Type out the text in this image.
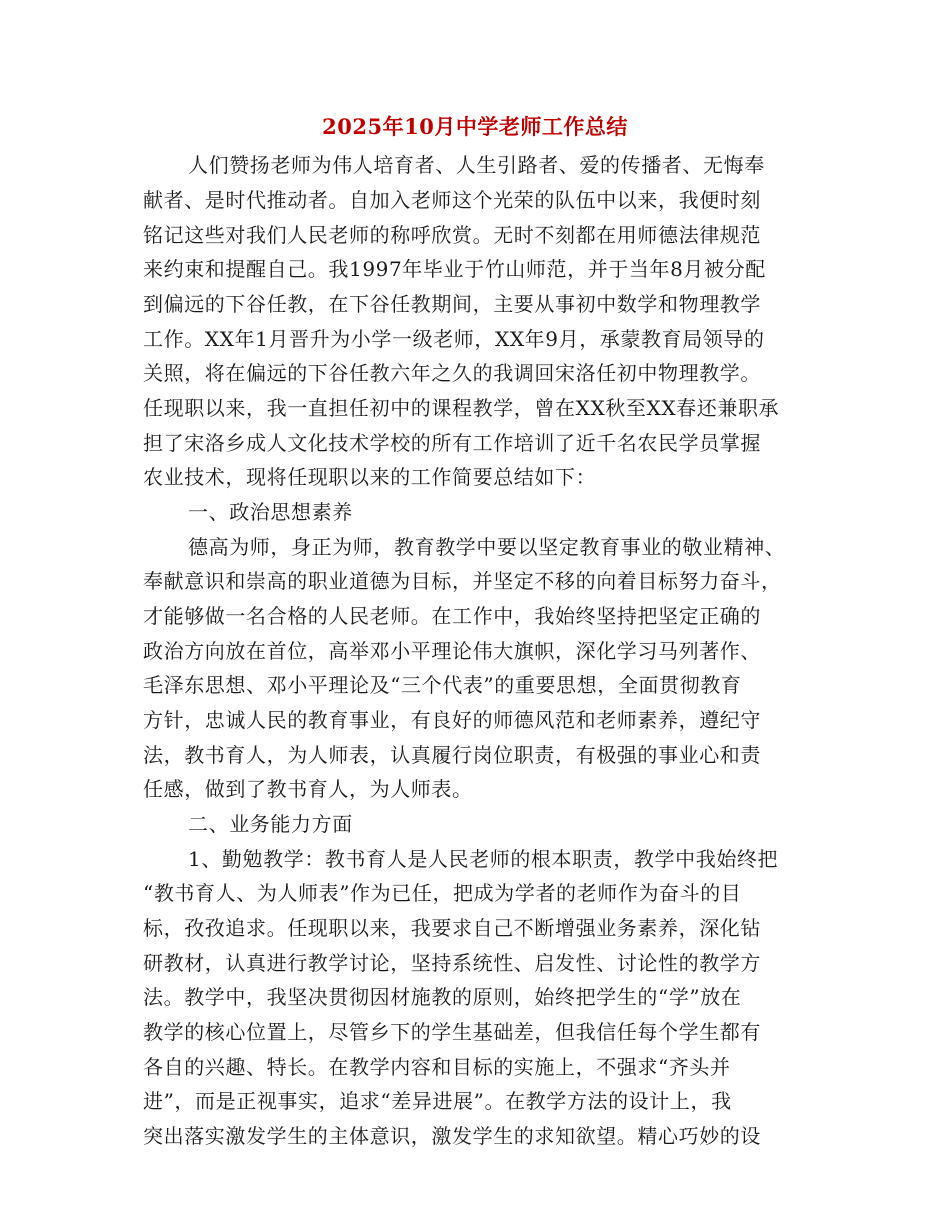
2025年10月中学老师工作总结
人们赞扬老师为伟人培育者、人生引路者、爱的传播者、无悔奉
献者、是时代推动者。自加入老师这个光荣的队伍中以来，我便时刻
铭记这些对我们人民老师的称呼欣赏。无时不刻都在用师德法律规范
来约束和提醒自己。我1997年毕业于竹山师范，并于当年8月被分配
到偏远的下谷任教，在下谷任教期间，主要从事初中数学和物理教学
工作。XX年1月晋升为小学一级老师，XX年9月，承蒙教育局领导的
关照，将在偏远的下谷任教六年之久的我调回宋洛任初中物理教学。
任现职以来，我一直担任初中的课程教学，曾在XX秋至XX春还兼职承
担了宋洛乡成人文化技术学校的所有工作培训了近千名农民学员掌握
农业技术，现将任现职以来的工作简要总结如下：
一、政治思想素养
德高为师，身正为师，教育教学中要以坚定教育事业的敬业精神、
奉献意识和崇高的职业道德为目标，并坚定不移的向着目标努力奋斗，
才能够做一名合格的人民老师。在工作中，我始终坚持把坚定正确的
政治方向放在首位，高举邓小平理论伟大旗帜，深化学习马列著作、
毛泽东思想、邓小平理论及“三个代表”的重要思想，全面贯彻教育
方针，忠诚人民的教育事业，有良好的师德风范和老师素养，遵纪守
法，教书育人，为人师表，认真履行岗位职责，有极强的事业心和责
任感，做到了教书育人，为人师表。
二、业务能力方面
1、勤勉教学：教书育人是人民老师的根本职责，教学中我始终把
“教书育人、为人师表”作为已任，把成为学者的老师作为奋斗的目
标，孜孜追求。任现职以来，我要求自己不断增强业务素养，深化钻
研教材，认真进行教学讨论，坚持系统性、启发性、讨论性的教学方
法。教学中，我坚决贯彻因材施教的原则，始终把学生的“学”放在
教学的核心位置上，尽管乡下的学生基础差，但我信任每个学生都有
各自的兴趣、特长。在教学内容和目标的实施上，不强求“齐头并
进”，而是正视事实，追求“差异进展”。在教学方法的设计上，我
突出落实激发学生的主体意识，激发学生的求知欲望。精心巧妙的设
